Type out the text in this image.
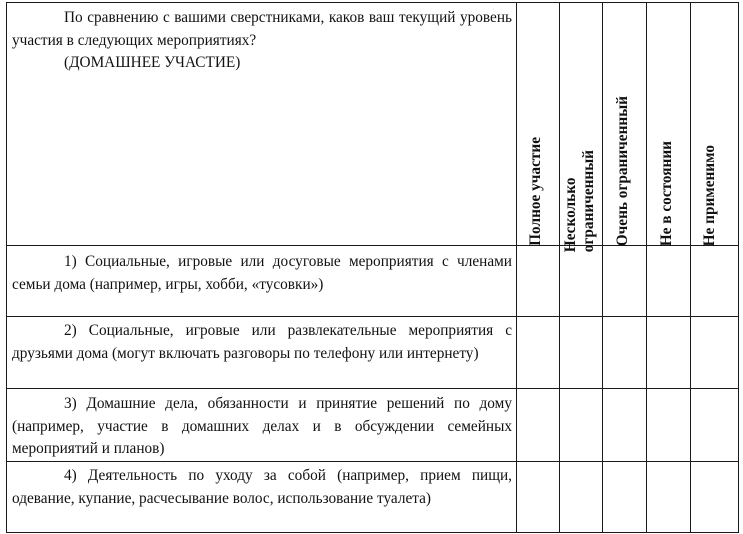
По сравнению с вашими сверстниками, каков ваш текущий уровень участия в следующих мероприятиях?
(ДОМАШНЕЕ УЧАСТИЕ)
Полное участие Несколько
ограниченный Очень ограниченный Не в состоянии Не применимо
1) Социальные, игровые или досуговые мероприятия с членами семьи дома (например, игры, хобби, «тусовки»)
2) Социальные, игровые или развлекательные мероприятия с друзьями дома (могут включать разговоры по телефону или интернету)
3) Домашние дела, обязанности и принятие решений по дому (например, участие в домашних делах и в обсуждении семейных мероприятий и планов)
4) Деятельность по уходу за собой (например, прием пищи, одевание, купание, расчесывание волос, использование туалета)
